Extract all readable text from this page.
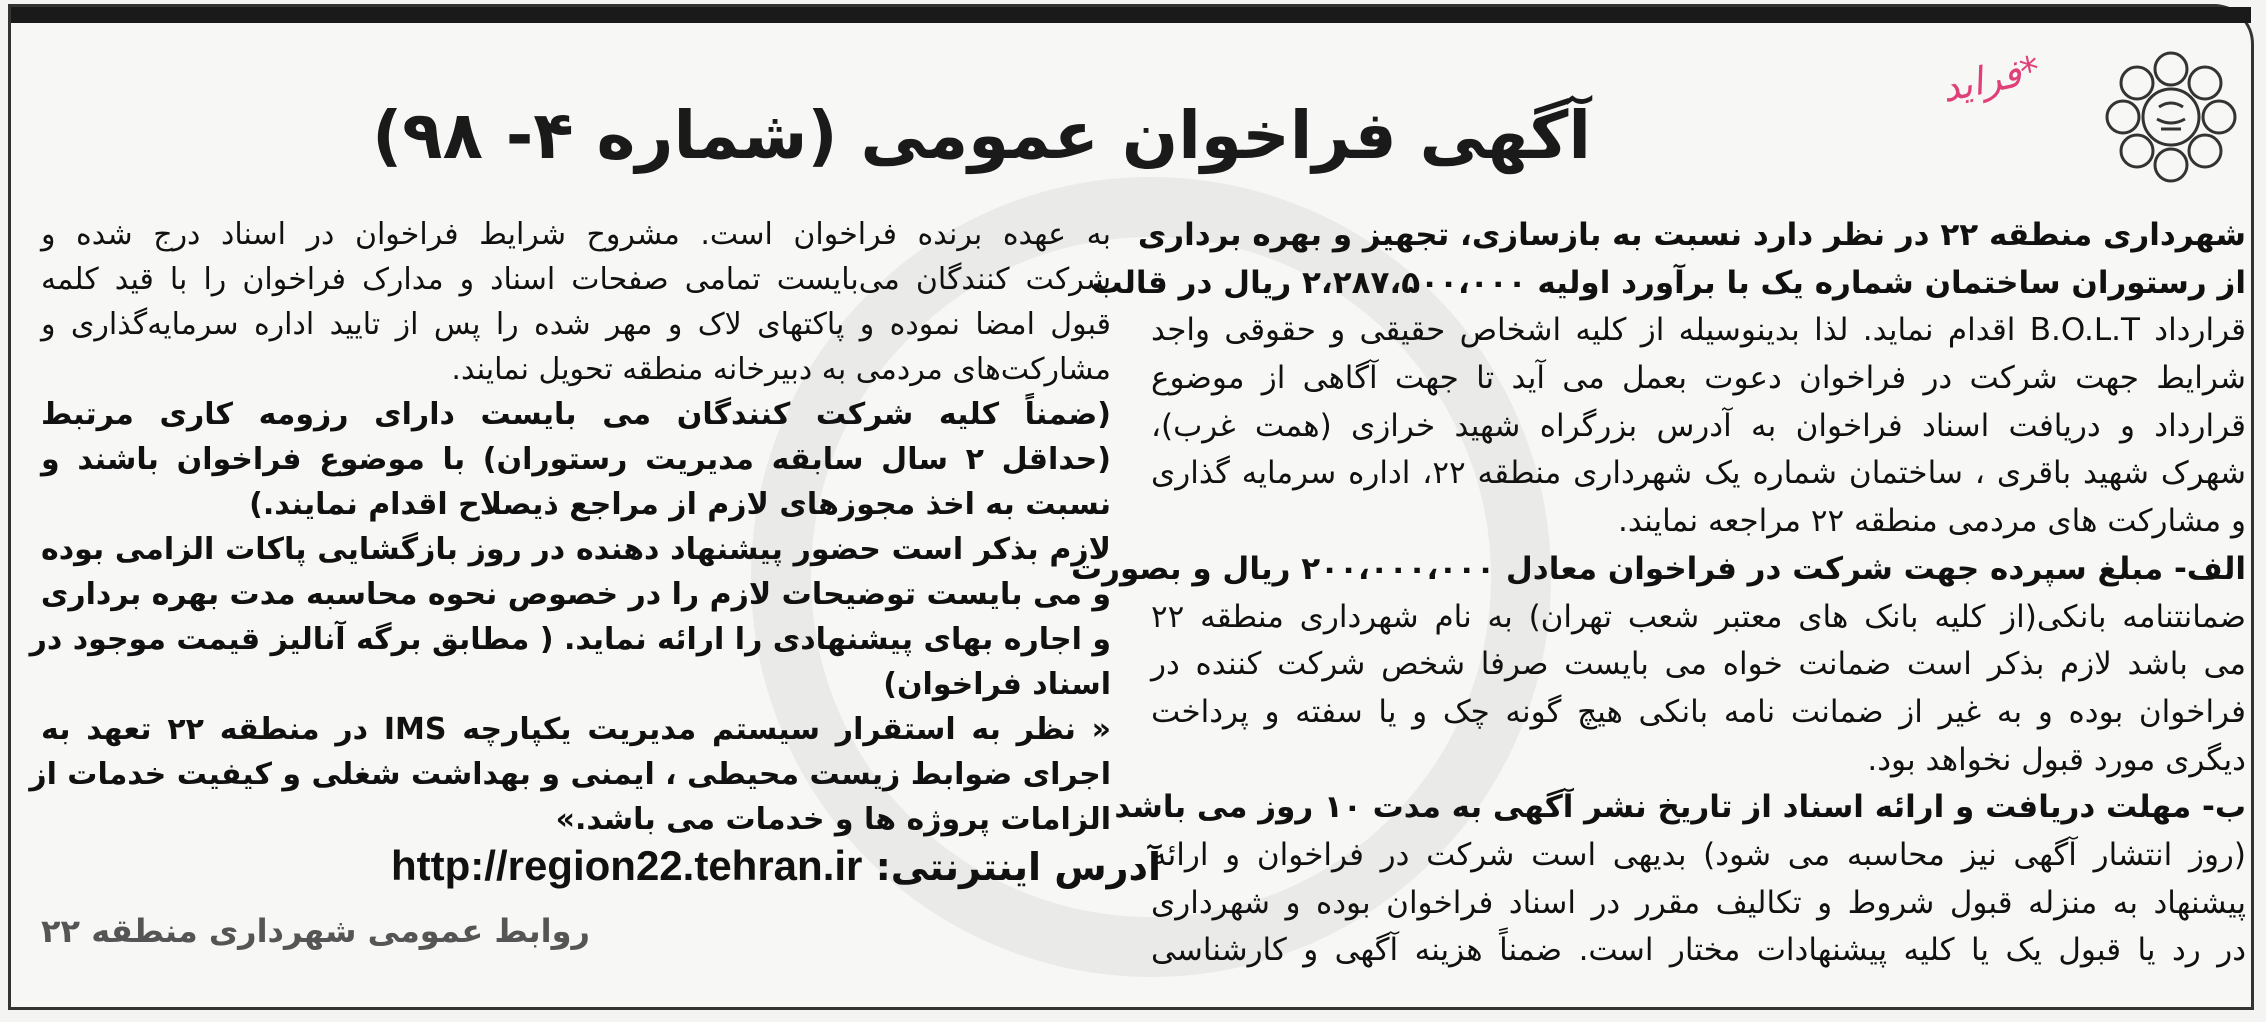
آگهی فراخوان عمومی (شماره ۴- ۹۸)
*فراید
شهرداری منطقه ۲۲ در نظر دارد نسبت به بازسازی، تجهیز و بهره برداری
از رستوران ساختمان شماره یک با برآورد اولیه ۲،۲۸۷،۵۰۰،۰۰۰ ریال در قالب
قرارداد B.O.L.T اقدام نماید. لذا بدینوسیله از کلیه اشخاص حقیقی و حقوقی واجد
شرایط جهت شرکت در فراخوان دعوت بعمل می آید تا جهت آگاهی از موضوع
قرارداد و دریافت اسناد فراخوان به آدرس بزرگراه شهید خرازی (همت غرب)،
شهرک شهید باقری ، ساختمان شماره یک شهرداری منطقه ۲۲، اداره سرمایه گذاری
و مشارکت های مردمی منطقه ۲۲ مراجعه نمایند.
الف- مبلغ سپرده جهت شرکت در فراخوان معادل ۲۰۰،۰۰۰،۰۰۰ ریال و بصورت
ضمانتنامه بانکی(از کلیه بانک های معتبر شعب تهران) به نام شهرداری منطقه ۲۲
می باشد لازم بذکر است ضمانت خواه می بایست صرفا شخص شرکت کننده در
فراخوان بوده و به غیر از ضمانت نامه بانکی هیچ گونه چک و یا سفته و پرداخت
دیگری مورد قبول نخواهد بود.
ب- مهلت دریافت و ارائه اسناد از تاریخ نشر آگهی به مدت ۱۰ روز می باشد
(روز انتشار آگهی نیز محاسبه می شود) بدیهی است شرکت در فراخوان و ارائه
پیشنهاد به منزله قبول شروط و تکالیف مقرر در اسناد فراخوان بوده و شهرداری
در رد یا قبول یک یا کلیه پیشنهادات مختار است. ضمناً هزینه آگهی و کارشناسی
به عهده برنده فراخوان است. مشروح شرایط فراخوان در اسناد درج شده و
شرکت کنندگان می‌بایست تمامی صفحات اسناد و مدارک فراخوان را با قید کلمه
قبول امضا نموده و پاکتهای لاک و مهر شده را پس از تایید اداره سرمایه‌گذاری و
مشارکت‌های مردمی به دبیرخانه منطقه تحویل نمایند.
(ضمناً کلیه شرکت کنندگان می بایست دارای رزومه کاری مرتبط
(حداقل ۲ سال سابقه مدیریت رستوران) با موضوع فراخوان باشند و
نسبت به اخذ مجوزهای لازم از مراجع ذیصلاح اقدام نمایند.)
لازم بذکر است حضور پیشنهاد دهنده در روز بازگشایی پاکات الزامی بوده
و می بایست توضیحات لازم را در خصوص نحوه محاسبه مدت بهره برداری
و اجاره بهای پیشنهادی را ارائه نماید. ( مطابق برگه آنالیز قیمت موجود در
اسناد فراخوان)
« نظر به استقرار سیستم مدیریت یکپارچه IMS در منطقه ۲۲ تعهد به
اجرای ضوابط زیست محیطی ، ایمنی و بهداشت شغلی و کیفیت خدمات از
الزامات پروژه ها و خدمات می باشد.»
آدرس اینترنتی: http://region22.tehran.ir
روابط عمومی شهرداری منطقه ۲۲
